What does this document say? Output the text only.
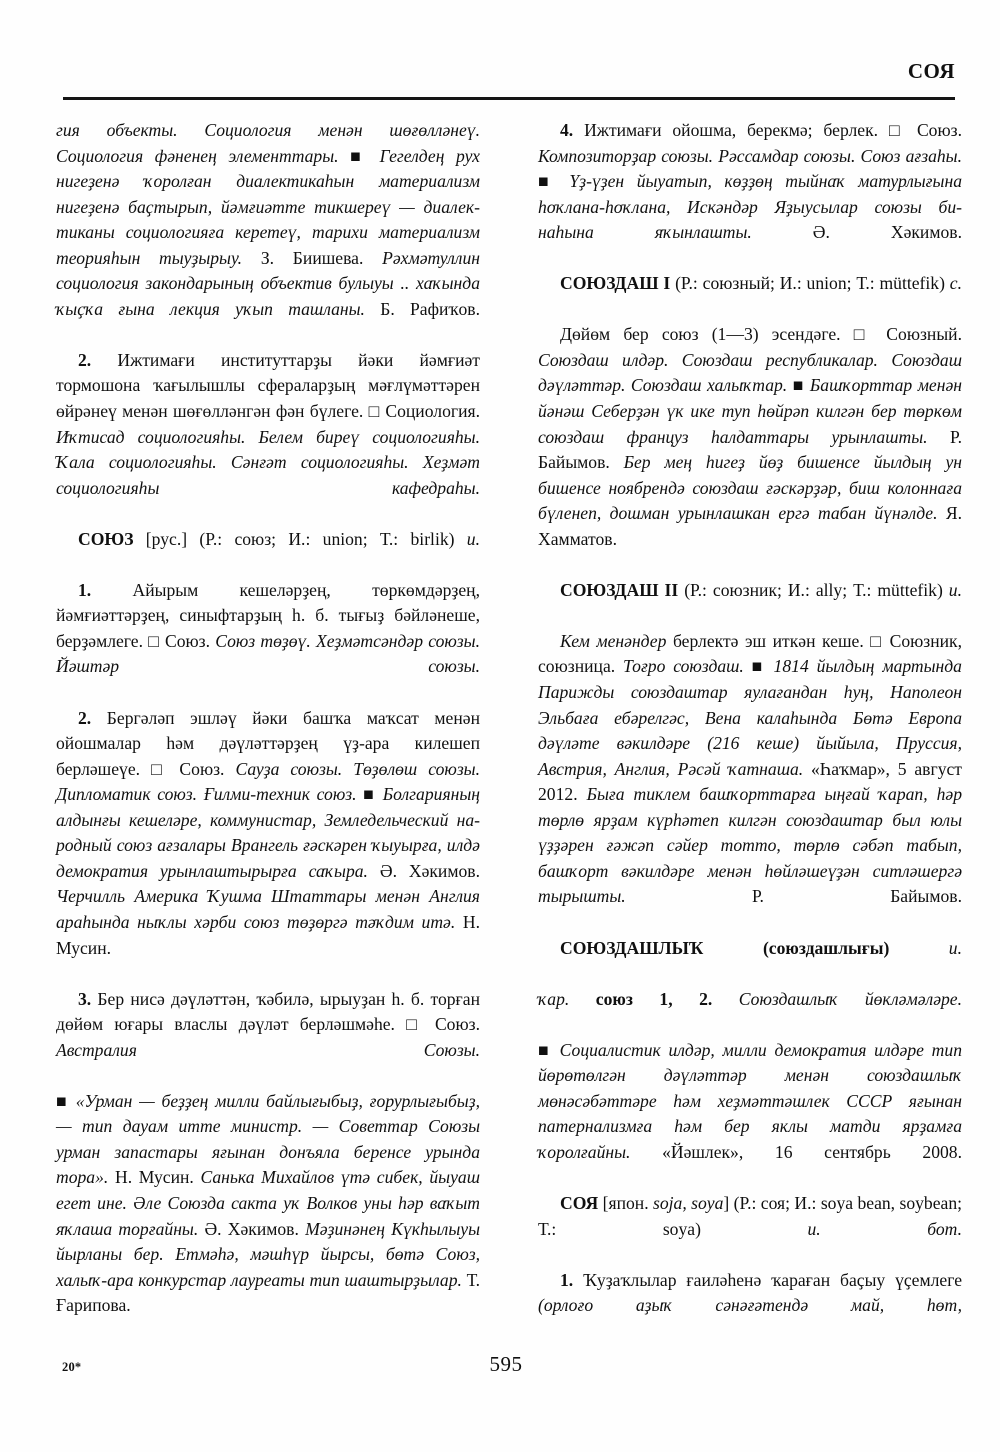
СОЯ

гия объекты. Социология менән шөғөлләнеү. Социология фәненең элементтары. ■ Гегелдең рух нигеҙенә ҡоролған диалектикаһын материализм нигеҙенә баҫтырып, йәмғиәтте тикшереү — диалектиканы социологияға керетеү, тарихи материализм теорияһын тыуҙырыу. З. Биишева. Рәхмәтуллин социология закондарының объектив булыуы .. хаҡында ҡыҫҡа ғына лекция уҡып ташланы. Б. Рафиҡов.

2. Ижтимағи институттарҙы йәки йәмғиәт тормошона ҡағылышлы сфераларҙың мәғлүмәттәрен өйрәнеү менән шөғөлләнгән фән бүлеге. □ Социология. Иҡтисад социологияһы. Белем биреү социологияһы. Ҡала социологияһы. Сәнғәт социологияһы. Хеҙмәт социологияһы кафедраһы.

СОЮЗ [рус.] (Р.: союз; И.: union; Т.: birlik) и.

1. Айырым кешеләрҙең, төркөмдәрҙең, йәмғиәттәрҙең, синыфтарҙың һ. б. тығыҙ бәйләнеше, берҙәмлеге. □ Союз. Союз төҙөү. Хеҙмәтсәндәр союзы. Йәштәр союзы.

2. Бергәләп эшләү йәки башҡа маҡсат менән ойошмалар һәм дәүләттәрҙең үҙ-ара килешеп берләшеүе. □ Союз. Сауҙа союзы. Төҙөлөш союзы. Дипломатик союз. Ғилми-техник союз. ■ Болгарияның алдынғы кешеләре, коммунистар, Земледельческий народный союз ағзалары Врангель ғәскәрен ҡыуырға, илдә демократия урынлаштырырға саҡыра. Ә. Хәкимов. Черчилль Америка Ҡушма Штаттары менән Англия араһында ныҡлы хәрби союз төҙөргә тәҡдим итә. Н. Мусин.

3. Бер нисә дәүләттән, ҡәбилә, ырыуҙан һ. б. торған дөйөм юғары власлы дәүләт берләшмәһе. □ Союз. Австралия Союзы.

■ «Урман — беҙҙең милли байлығыбыҙ, ғорурлығыбыҙ, — тип дауам итте министр. — Советтар Союзы урман запастары яғынан донъяла беренсе урында тора». Н. Мусин. Санька Михайлов үтә сибек, йыуаш егет ине. Әле Союзда сакта уҡ Волков уны һәр ваҡыт яҡлаша торғайны. Ә. Хәкимов. Мәҙинәнең Күкһылыуы йырланы бер. Етмәһә, мәшһүр йырсы, бөтә Союз, халыҡ-ара конкурстар лауреаты тип шаштырҙылар. Т. Ғарипова.

4. Ижтимағи ойошма, берекмә; берлек. □ Союз. Композиторҙар союзы. Рәссамдар союзы. Союз ағзаһы. ■ Үҙ-үҙен йыуатып, көҙҙөң тыйнаҡ матурлығына һоҡлана-һоҡлана, Искәндәр Яҙыусылар союзы бинаһына яҡынлашты. Ә. Хәкимов.

СОЮЗДАШ I (Р.: союзный; И.: union; Т.: müttefik) с.

Дөйөм бер союз (1—3) эсендәге. □ Союзный. Союздаш илдәр. Союздаш республикалар. Союздаш дәүләттәр. Союздаш халыҡтар. ■ Башҡорттар менән йәнәш Себерҙән үк ике туп һөйрәп килгән бер төркөм союздаш француз һалдаттары урынлашты. Р. Байымов. Бер мең һигеҙ йөҙ бишенсе йылдың ун бишенсе ноябрендә союздаш ғәскәрҙәр, биш колоннаға бүленеп, дошман урынлашкан ергә табан йүнәлде. Я. Хамматов.

СОЮЗДАШ II (Р.: союзник; И.: ally; Т.: müttefik) и.

Кем менәндер берлектә эш иткән кеше. □ Союзник, союзница. Тоғро союздаш. ■ 1814 йылдың мартында Парижды союздаштар яулағандан һуң, Наполеон Эльбаға ебәрелгәс, Вена калаһында Бөтә Европа дәүләте вәкилдәре (216 кеше) йыйыла, Пруссия, Австрия, Англия, Рәсәй ҡатнаша. «Һаҡмар», 5 август 2012. Быға тиклем башҡорттарға ыңғай ҡарап, һәр төрлө ярҙам күрһәтеп килгән союздаштар был юлы үҙҙәрен ғәжәп сәйер тотто, төрлө сәбәп табып, башҡорт вәкилдәре менән һөйләшеүҙән ситләшергә тырышты. Р. Байымов.

СОЮЗДАШЛЫҠ (союздашлығы) и.

ҡар. союз 1, 2. Союздашлыҡ йөкләмәләре.

■ Социалистик илдәр, милли демократия илдәре тип йөрөтөлгән дәүләттәр менән союздашлыҡ мөнәсәбәттәре һәм хеҙмәттәшлек СССР яғынан патернализмға һәм бер яклы матди ярҙамға ҡоролғайны. «Йәшлек», 16 сентябрь 2008.

СОЯ [япон. soja, soya] (Р.: соя; И.: soya bean, soybean; Т.: soya) и. бот.

1. Ҡуҙаҡлылар ғаиләһенә ҡараған баҫыу үҫемлеге (орлоғо аҙыҡ сәнәғәтендә май, һөт,

20*	595
